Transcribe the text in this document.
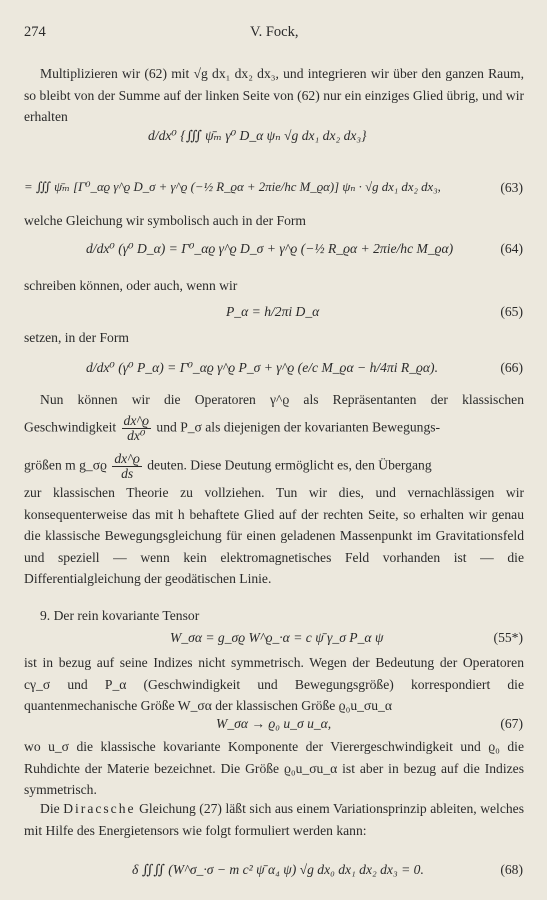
274	V. Fock,
Multiplizieren wir (62) mit √g dx₁ dx₂ dx₃, und integrieren wir über den ganzen Raum, so bleibt von der Summe auf der linken Seite von (62) nur ein einziges Glied übrig, und wir erhalten
d/dx⁰ {∭ ψ̄ₘ γ⁰ D_α ψₙ √g dx₁ dx₂ dx₃}
= ∭ ψ̄ₘ [Γ⁰_αϱ γ^ϱ D_σ + γ^ϱ (−½ R_ϱα + 2πie/hc M_ϱα)] ψₙ · √g dx₁ dx₂ dx₃,	(63)
welche Gleichung wir symbolisch auch in der Form
d/dx⁰ (γ⁰ D_α) = Γ⁰_αϱ γ^ϱ D_σ + γ^ϱ (−½ R_ϱα + 2πie/hc M_ϱα)	(64)
schreiben können, oder auch, wenn wir
P_α = h/2πi D_α	(65)
setzen, in der Form
d/dx⁰ (γ⁰ P_α) = Γ⁰_αϱ γ^ϱ P_σ + γ^ϱ (e/c M_ϱα − h/4πi R_ϱα).	(66)
Nun können wir die Operatoren γ^ϱ als Repräsentanten der klassischen
Geschwindigkeit $\frac{dx\^{}ϱ}{\text{dx⁰}}$ und P_σ als diejenigen der kovarianten Bewegungs-
größen m g_σϱ $\frac{dx\^{}ϱ}{ds}$ deuten. Diese Deutung ermöglicht es, den Übergang
zur klassischen Theorie zu vollziehen. Tun wir dies, und vernachlässigen wir konsequenterweise das mit h behaftete Glied auf der rechten Seite, so erhalten wir genau die klassische Bewegungsgleichung für einen geladenen Massenpunkt im Gravitationsfeld und speziell — wenn kein elektromagnetisches Feld vorhanden ist — die Differentialgleichung der geodätischen Linie.
9. Der rein kovariante Tensor
W_σα = g_σϱ W^ϱ_·α = c ψ̄ γ_σ P_α ψ	(55*)
ist in bezug auf seine Indizes nicht symmetrisch. Wegen der Bedeutung der Operatoren cγ_σ und P_α (Geschwindigkeit und Bewegungsgröße) korrespondiert die quantenmechanische Größe W_σα der klassischen Größe ϱ₀u_σu_α
W_σα → ϱ₀ u_σ u_α,	(67)
wo u_σ die klassische kovariante Komponente der Vierergeschwindigkeit und ϱ₀ die Ruhdichte der Materie bezeichnet. Die Größe ϱ₀u_σu_α ist aber in bezug auf die Indizes symmetrisch.
Die Diracsche Gleichung (27) läßt sich aus einem Variationsprinzip ableiten, welches mit Hilfe des Energietensors wie folgt formuliert werden kann:
δ ∬∬ (W^σ_·σ − m c² ψ̄ α₄ ψ) √g dx₀ dx₁ dx₂ dx₃ = 0.	(68)
